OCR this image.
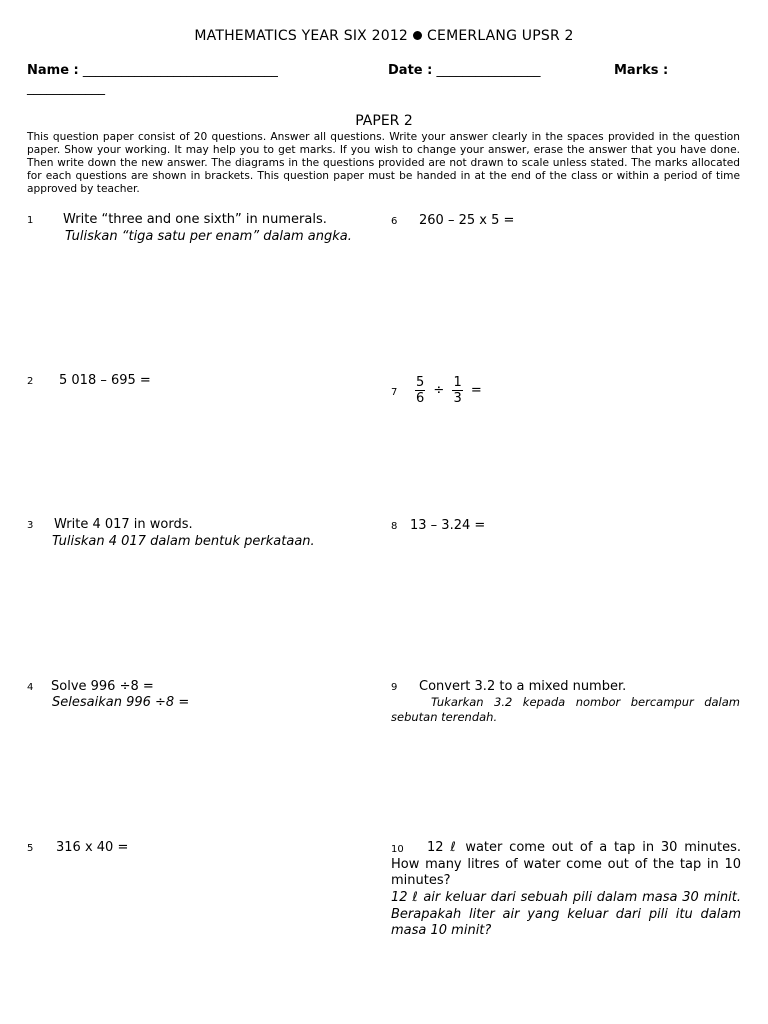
MATHEMATICS YEAR SIX 2012 CEMERLANG UPSR 2
Name : ______________________________	Date : ________________	Marks :
____________
PAPER 2
This question paper consist of 20 questions. Answer all questions. Write your answer clearly in the spaces provided in the question paper. Show your working. It may help you to get marks. If you wish to change your answer, erase the answer that you have done. Then write down the new answer. The diagrams in the questions provided are not drawn to scale unless stated. The marks allocated for each questions are shown in brackets. This question paper must be handed in at the end of the class or within a period of time approved by teacher.
1 Write “three and one sixth” in numerals.
Tuliskan “tiga satu per enam” dalam angka.
2 5 018 – 695 =
3 Write 4 017 in words.
Tuliskan 4 017 dalam bentuk perkataan.
4 Solve 996 ÷8 =
Selesaikan 996 ÷8 =
5 316 x 40 =
6 260 – 25 x 5 =
$7 \frac{5}{6} \div \frac{1}{3}$ =
8 13 – 3.24 =
9 Convert 3.2 to a mixed number.
Tukarkan 3.2 kepada nombor bercampur dalam sebutan terendah.
10	12 ℓ water come out of a tap in 30 minutes. How many litres of water come out of the tap in 10 minutes?
12 ℓ air keluar dari sebuah pili dalam masa 30 minit. Berapakah liter air yang keluar dari pili itu dalam masa 10 minit?
